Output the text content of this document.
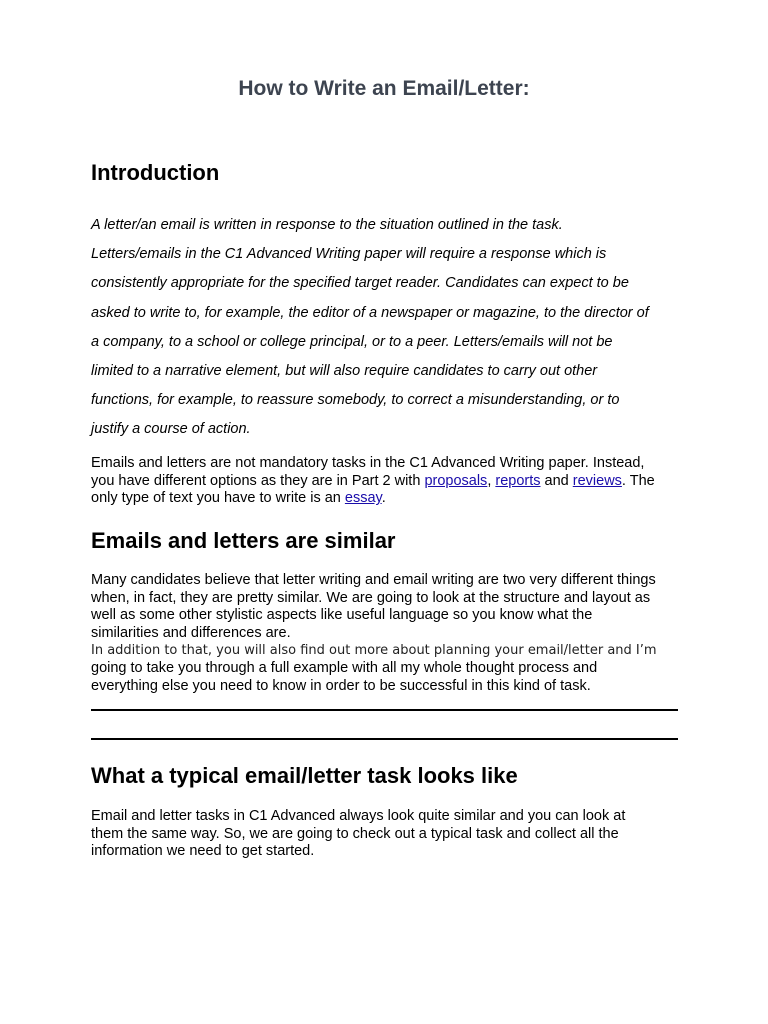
How to Write an Email/Letter:
Introduction
A letter/an email is written in response to the situation outlined in the task.
Letters/emails in the C1 Advanced Writing paper will require a response which is
consistently appropriate for the specified target reader. Candidates can expect to be
asked to write to, for example, the editor of a newspaper or magazine, to the director of
a company, to a school or college principal, or to a peer. Letters/emails will not be
limited to a narrative element, but will also require candidates to carry out other
functions, for example, to reassure somebody, to correct a misunderstanding, or to
justify a course of action.
Emails and letters are not mandatory tasks in the C1 Advanced Writing paper. Instead,
you have different options as they are in Part 2 with proposals, reports and reviews. The
only type of text you have to write is an essay.
Emails and letters are similar
Many candidates believe that letter writing and email writing are two very different things
when, in fact, they are pretty similar. We are going to look at the structure and layout as
well as some other stylistic aspects like useful language so you know what the
similarities and differences are.
In addition to that, you will also find out more about planning your email/letter and I’m
going to take you through a full example with all my whole thought process and
everything else you need to know in order to be successful in this kind of task.
What a typical email/letter task looks like
Email and letter tasks in C1 Advanced always look quite similar and you can look at
them the same way. So, we are going to check out a typical task and collect all the
information we need to get started.
